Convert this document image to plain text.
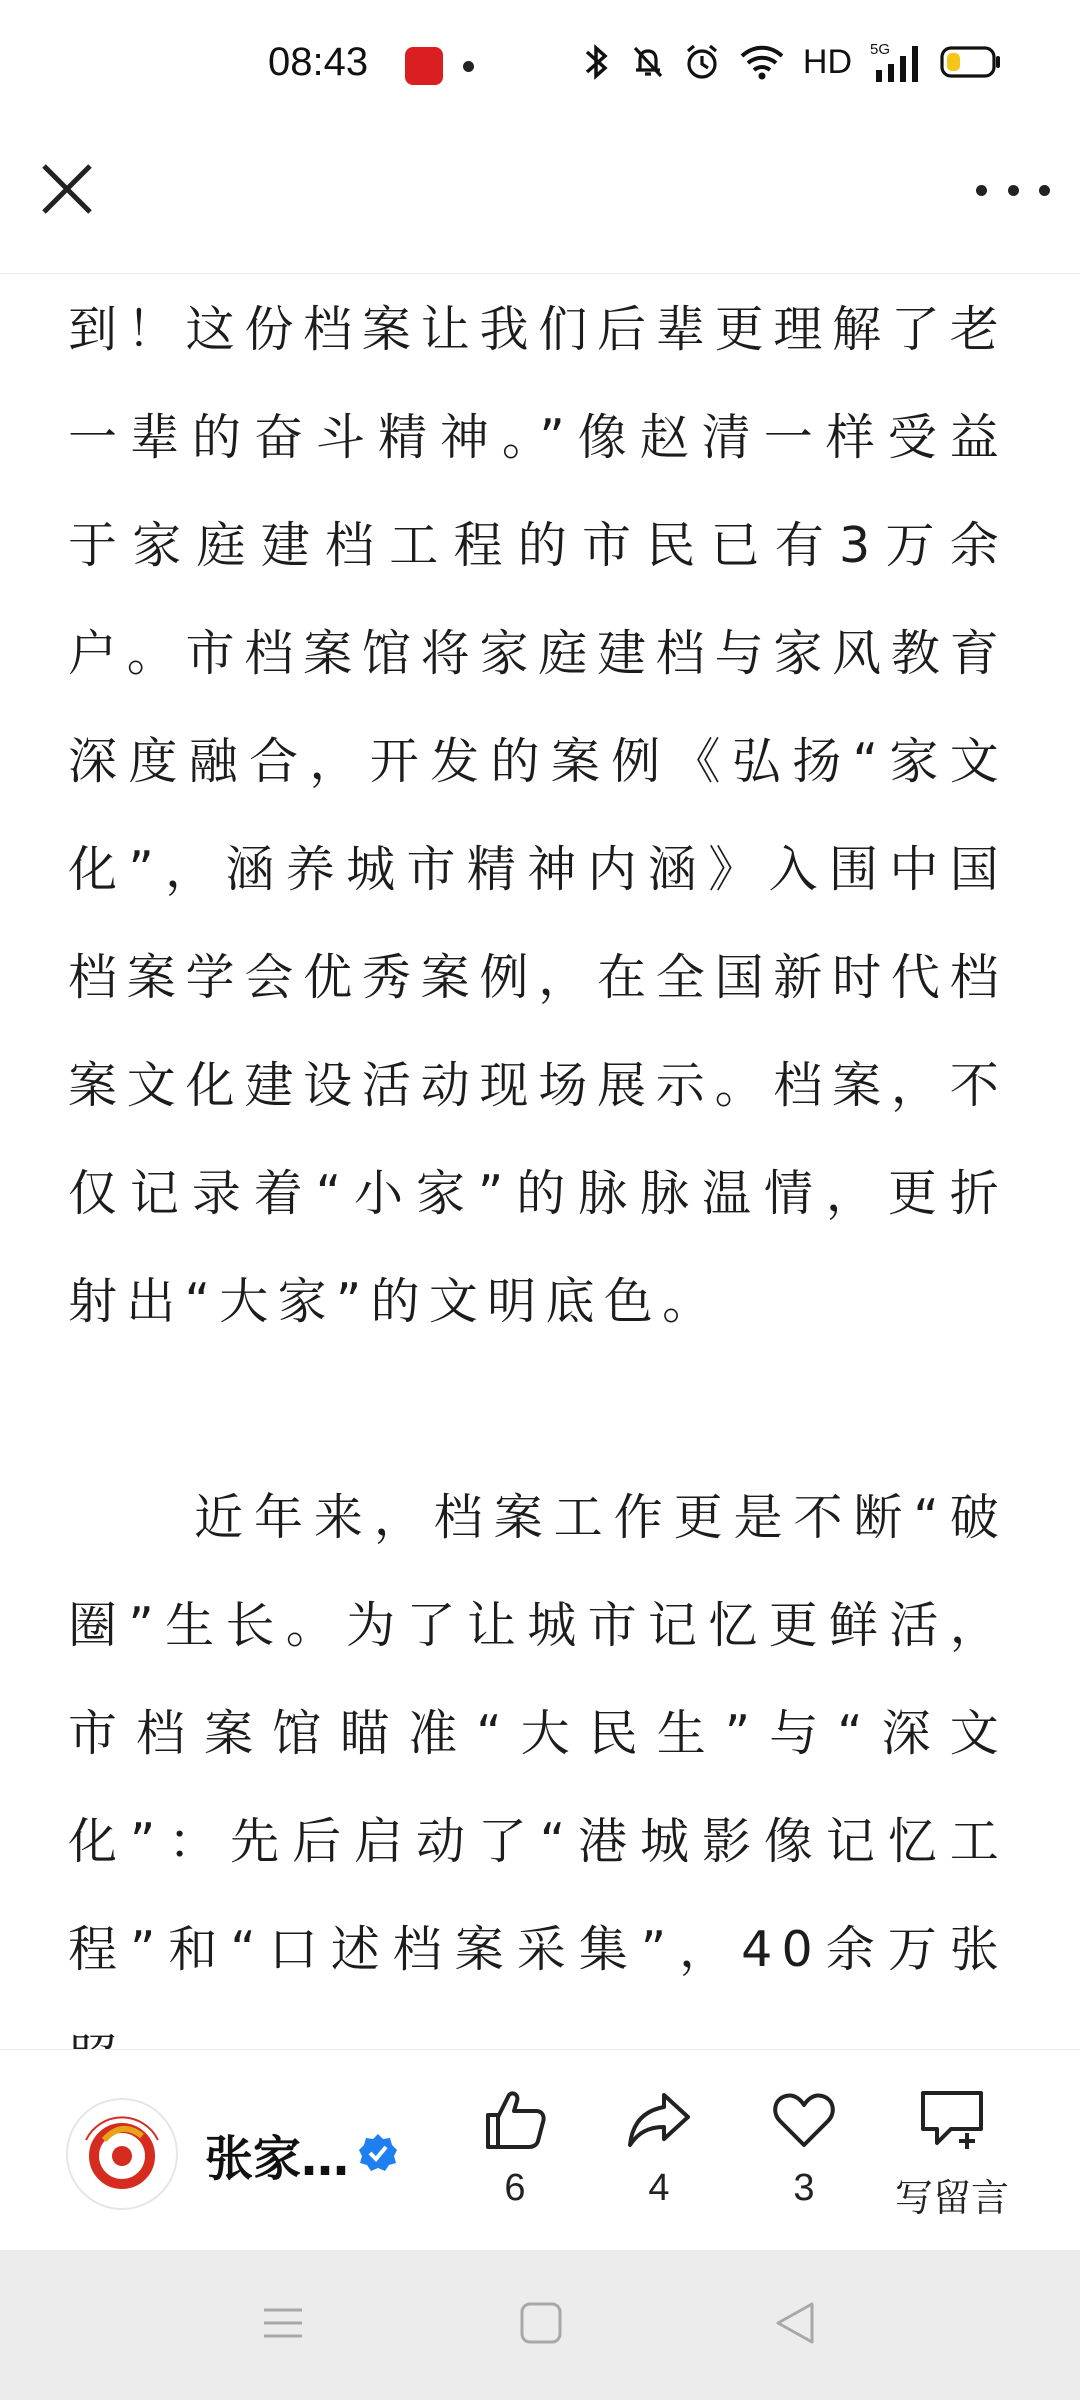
08:43	HD 5G

到！这份档案让我们后辈更理解了老一辈的奋斗精神。”像赵清一样受益于家庭建档工程的市民已有3万余户。市档案馆将家庭建档与家风教育深度融合，开发的案例《弘扬“家文化”，涵养城市精神内涵》入围中国档案学会优秀案例，在全国新时代档案文化建设活动现场展示。档案，不仅记录着“小家”的脉脉温情，更折射出“大家”的文明底色。

近年来，档案工作更是不断“破圈”生长。为了让城市记忆更鲜活，市档案馆瞄准“大民生”与“深文化”：先后启动了“港城影像记忆工程”和“口述档案采集”，40余万张

张家…
6	4	3	写留言
